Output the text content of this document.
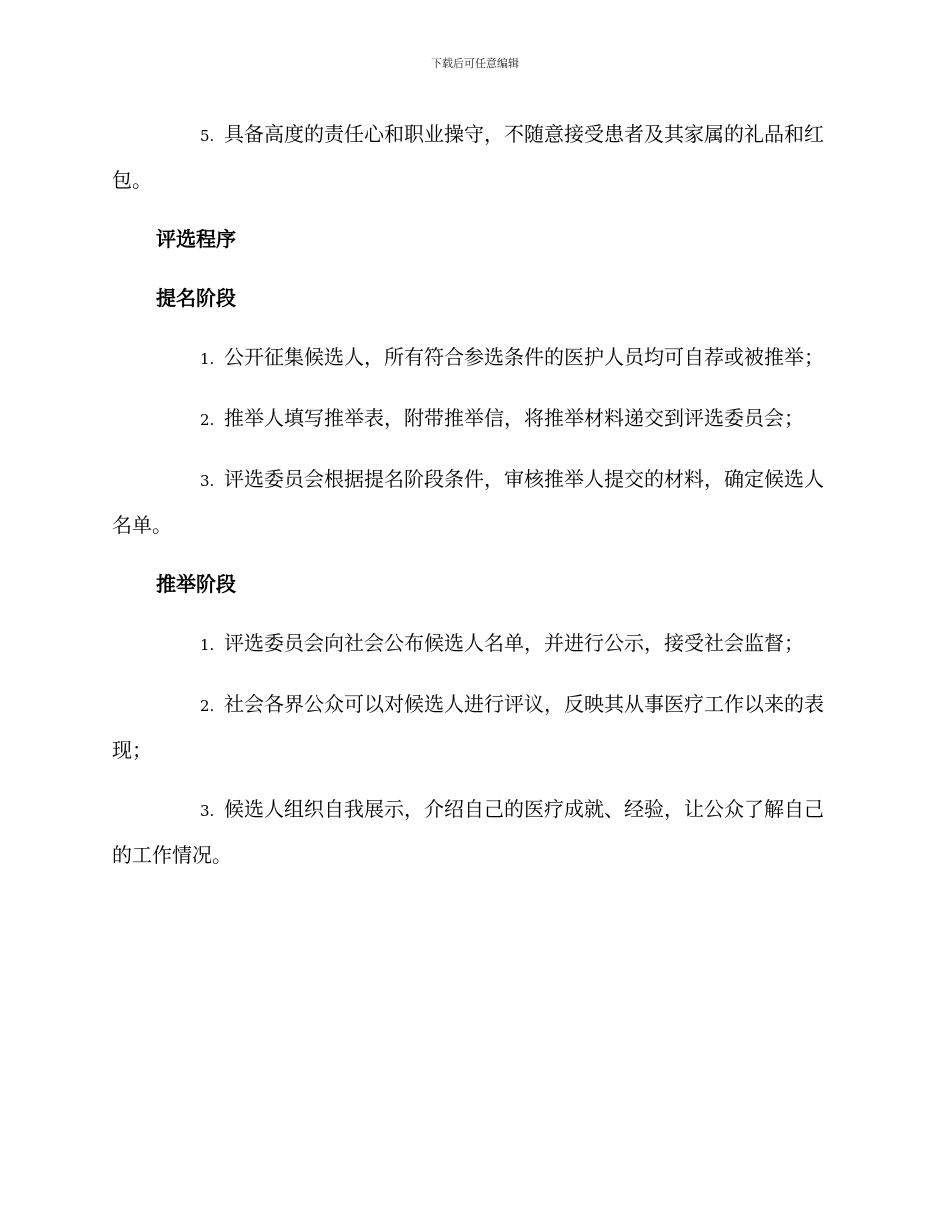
下载后可任意编辑

5. 具备高度的责任心和职业操守，不随意接受患者及其家属的礼品和红包。

评选程序
提名阶段

1. 公开征集候选人，所有符合参选条件的医护人员均可自荐或被推举；

2. 推举人填写推举表，附带推举信，将推举材料递交到评选委员会；

3. 评选委员会根据提名阶段条件，审核推举人提交的材料，确定候选人名单。

推举阶段

1. 评选委员会向社会公布候选人名单，并进行公示，接受社会监督；

2. 社会各界公众可以对候选人进行评议，反映其从事医疗工作以来的表现；

3. 候选人组织自我展示，介绍自己的医疗成就、经验，让公众了解自己的工作情况。
